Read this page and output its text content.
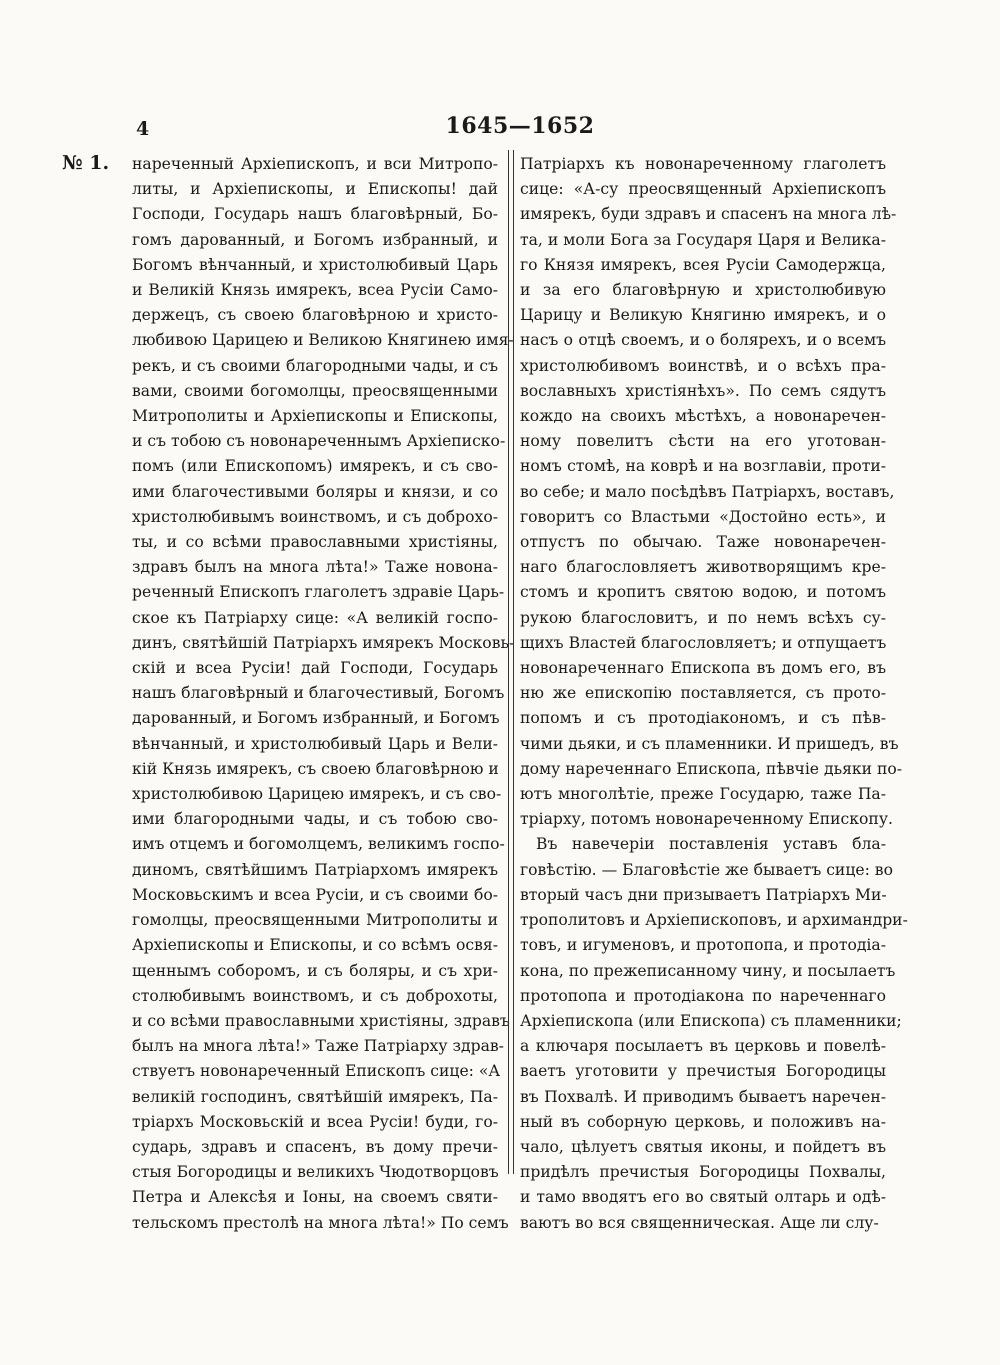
4	1645—1652
№ 1. нареченный Архіепископъ, и вси Митропо-
литы, и Архіепископы, и Епископы! дай
Господи, Государь нашъ благовѣрный, Бо-
гомъ дарованный, и Богомъ избранный, и
Богомъ вѣнчанный, и христолюбивый Царь
и Великій Князь имярекъ, всеа Русіи Само-
держецъ, съ своею благовѣрною и христо-
любивою Царицею и Великою Княгинею имя-
рекъ, и съ своими благородными чады, и съ
вами, своими богомолцы, преосвященными
Митрополиты и Архіепископы и Епископы,
и съ тобою съ новонареченнымъ Архіеписко-
помъ (или Епископомъ) имярекъ, и съ сво-
ими благочестивыми боляры и князи, и со
христолюбивымъ воинствомъ, и съ доброхо-
ты, и со всѣми православными христіяны,
здравъ былъ на многа лѣта!» Таже новона-
реченный Епископъ глаголетъ здравіе Царь-
ское къ Патріарху сице: «А великій госпо-
динъ, святѣйшій Патріархъ имярекъ Московь-
скій и всеа Русіи! дай Господи, Государь
нашъ благовѣрный и благочестивый, Богомъ
дарованный, и Богомъ избранный, и Богомъ
вѣнчанный, и христолюбивый Царь и Вели-
кій Князь имярекъ, съ своею благовѣрною и
христолюбивою Царицею имярекъ, и съ сво-
ими благородными чады, и съ тобою сво-
имъ отцемъ и богомолцемъ, великимъ госпо-
диномъ, святѣйшимъ Патріархомъ имярекъ
Московьскимъ и всеа Русіи, и съ своими бо-
гомолцы, преосвященными Митрополиты и
Архіепископы и Епископы, и со всѣмъ освя-
щеннымъ соборомъ, и съ боляры, и съ хри-
столюбивымъ воинствомъ, и съ доброхоты,
и со всѣми православными христіяны, здравъ
былъ на многа лѣта!» Таже Патріарху здрав-
ствуетъ новонареченный Епископъ сице: «А
великій господинъ, святѣйшій имярекъ, Па-
тріархъ Московьскій и всеа Русіи! буди, го-
сударь, здравъ и спасенъ, въ дому пречи-
стыя Богородицы и великихъ Чюдотворцовъ
Петра и Алексѣя и Іоны, на своемъ святи-
тельскомъ престолѣ на многа лѣта!» По семъ
Патріархъ къ новонареченному глаголетъ
сице: «А-су преосвященный Архіепископъ
имярекъ, буди здравъ и спасенъ на многа лѣ-
та, и моли Бога за Государя Царя и Велика-
го Князя имярекъ, всея Русіи Самодержца,
и за его благовѣрную и христолюбивую
Царицу и Великую Княгиню имярекъ, и о
насъ о отцѣ своемъ, и о болярехъ, и о всемъ
христолюбивомъ воинствѣ, и о всѣхъ пра-
вославныхъ христіянѣхъ». По семъ сядутъ
кождо на своихъ мѣстѣхъ, а новонаречен-
ному повелитъ сѣсти на его уготован-
номъ стомѣ, на коврѣ и на возглавіи, проти-
во себе; и мало посѣдѣвъ Патріархъ, воставъ,
говоритъ со Властьми «Достойно есть», и
отпустъ по обычаю. Таже новонаречен-
наго благословляетъ животворящимъ кре-
стомъ и кропитъ святою водою, и потомъ
рукою благословитъ, и по немъ всѣхъ су-
щихъ Властей благословляетъ; и отпущаетъ
новонареченнаго Епископа въ домъ его, въ
ню же епископію поставляется, съ прото-
попомъ и съ протодіакономъ, и съ пѣв-
чими дьяки, и съ пламенники. И пришедъ, въ
дому нареченнаго Епископа, пѣвчіе дьяки по-
ютъ многолѣтіе, преже Государю, таже Па-
тріарху, потомъ новонареченному Епископу.
Въ навечеріи поставленія уставъ бла-
говѣстію. — Благовѣстіе же бываетъ сице: во
вторый часъ дни призываетъ Патріархъ Ми-
трополитовъ и Архіепископовъ, и архимандри-
товъ, и игуменовъ, и протопопа, и протодіа-
кона, по прежеписанному чину, и посылаетъ
протопопа и протодіакона по нареченнаго
Архіепископа (или Епископа) съ пламенники;
а ключаря посылаетъ въ церковь и повелѣ-
ваетъ уготовити у пречистыя Богородицы
въ Похвалѣ. И приводимъ бываетъ наречен-
ный въ соборную церковь, и положивъ на-
чало, цѣлуетъ святыя иконы, и пойдетъ въ
придѣлъ пречистыя Богородицы Похвалы,
и тамо вводятъ его во святый олтарь и одѣ-
ваютъ во вся священническая. Аще ли слу-
